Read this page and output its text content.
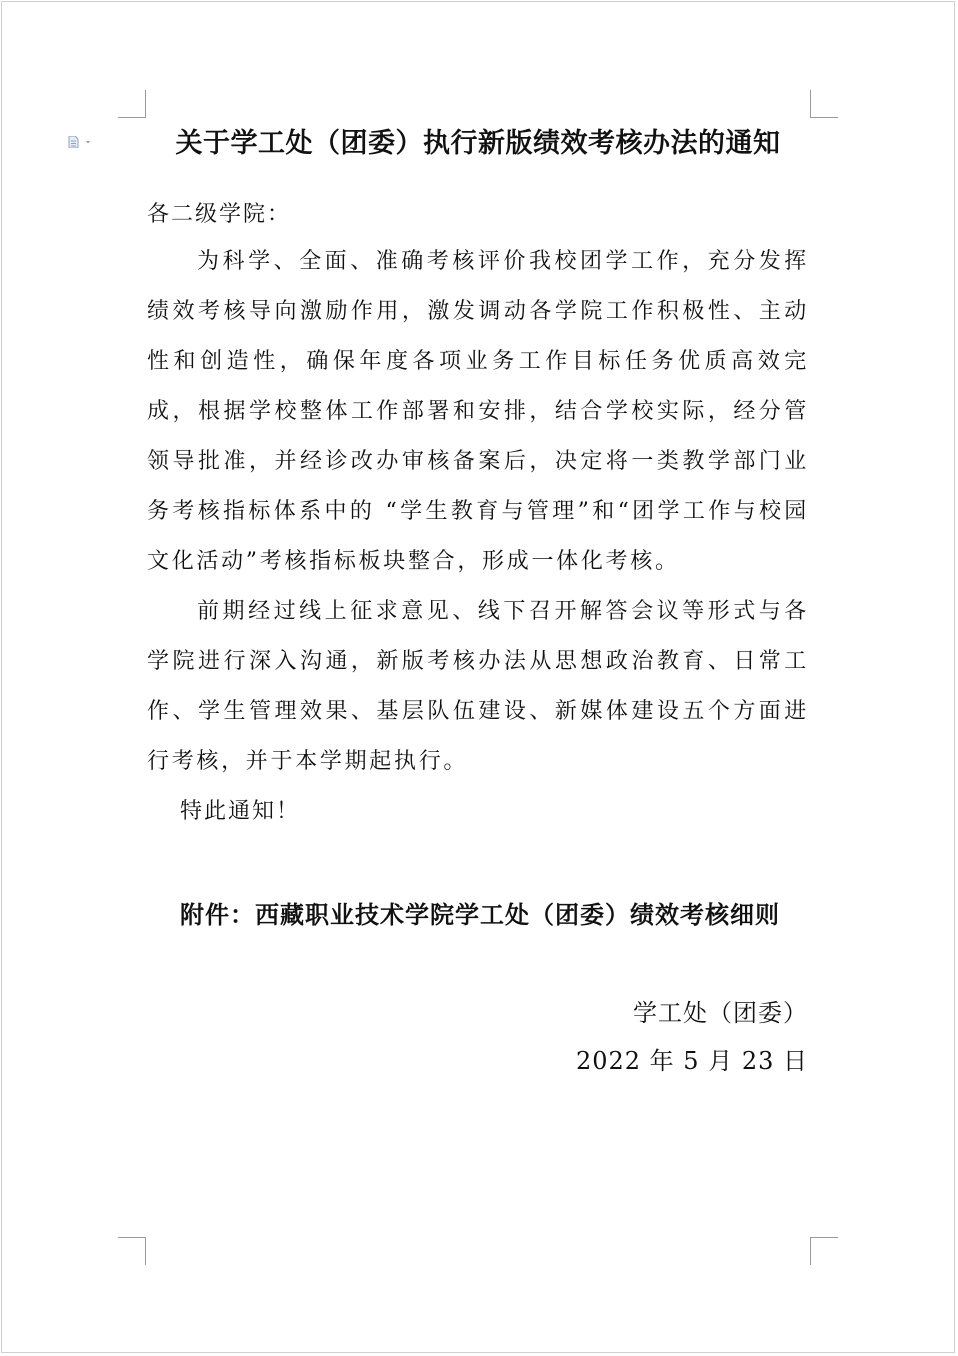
关于学工处（团委）执行新版绩效考核办法的通知
各二级学院：

为科学、全面、准确考核评价我校团学工作，充分发挥绩效考核导向激励作用，激发调动各学院工作积极性、主动性和创造性，确保年度各项业务工作目标任务优质高效完成，根据学校整体工作部署和安排，结合学校实际，经分管领导批准，并经诊改办审核备案后，决定将一类教学部门业务考核指标体系中的 “学生教育与管理”和“团学工作与校园文化活动”考核指标板块整合，形成一体化考核。

前期经过线上征求意见、线下召开解答会议等形式与各学院进行深入沟通，新版考核办法从思想政治教育、日常工作、学生管理效果、基层队伍建设、新媒体建设五个方面进行考核，并于本学期起执行。

特此通知！
附件：西藏职业技术学院学工处（团委）绩效考核细则
学工处（团委）
2022 年 5 月 23 日
